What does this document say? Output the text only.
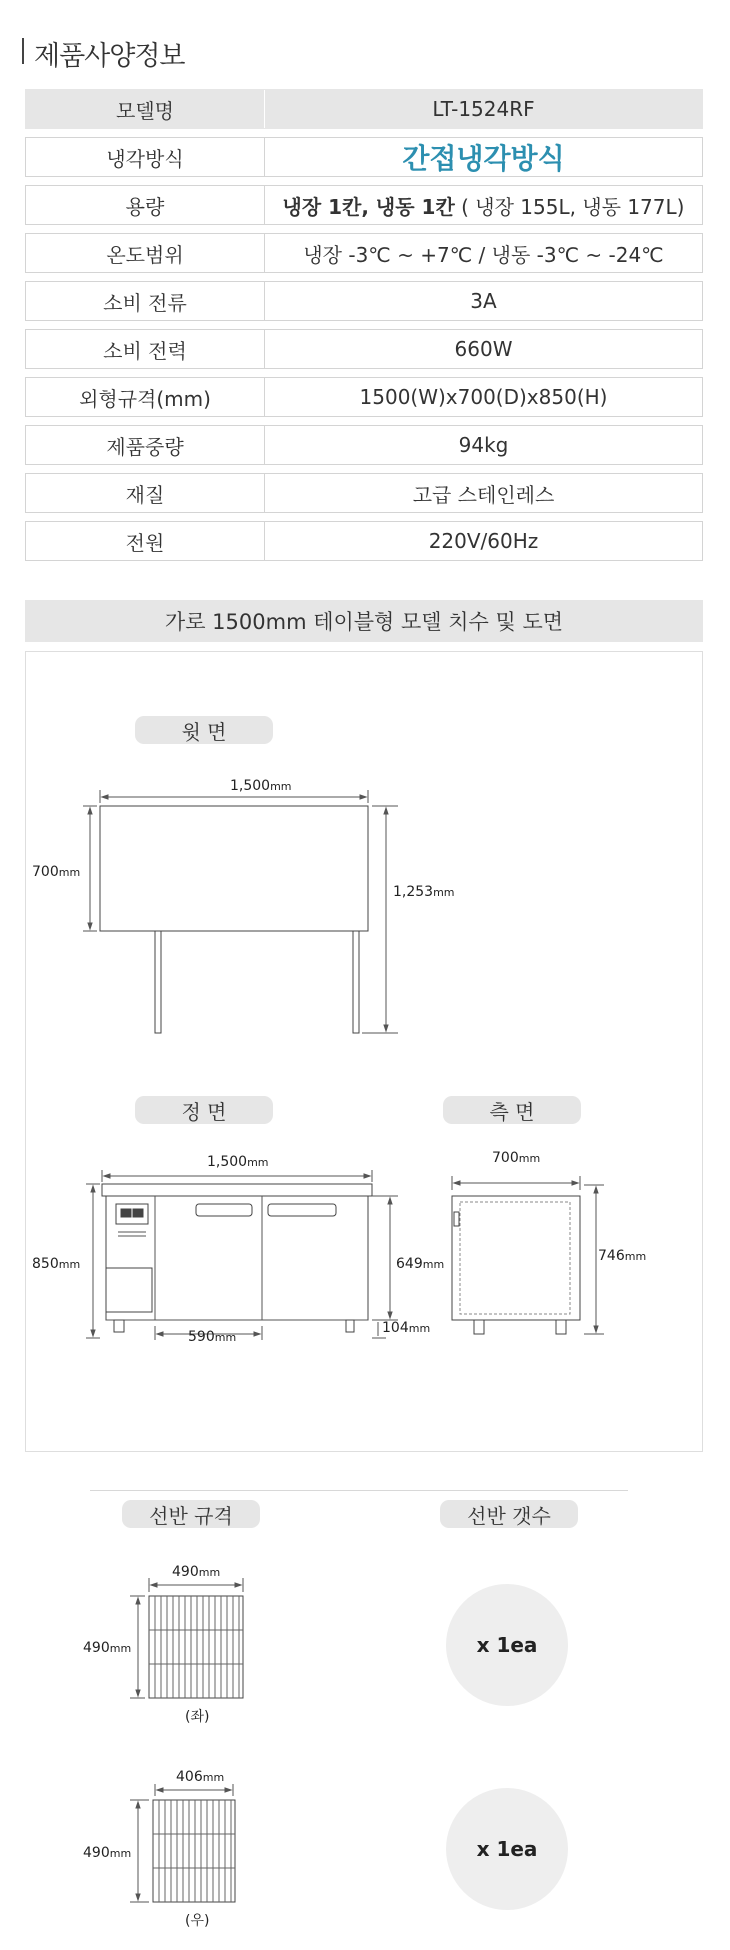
제품사양정보
모델명	LT-1524RF
냉각방식	간접냉각방식
용량	냉장 1칸, 냉동 1칸 ( 냉장 155L, 냉동 177L)
온도범위	냉장 -3℃ ~ +7℃ / 냉동 -3℃ ~ -24℃
소비 전류	3A
소비 전력	660W
외형규격(mm)	1500(W)x700(D)x850(H)
제품중량	94kg
재질	고급 스테인레스
전원	220V/60Hz
가로 1500mm 테이블형 모델 치수 및 도면
윗 면
정 면	측 면
1,500mm
700mm
1,253mm
1,500mm
850mm	649mm
590mm
104mm
700mm
746mm
선반 규격	선반 갯수
490mm
490mm
(좌)
x 1ea
406mm
490mm
(우)
x 1ea
